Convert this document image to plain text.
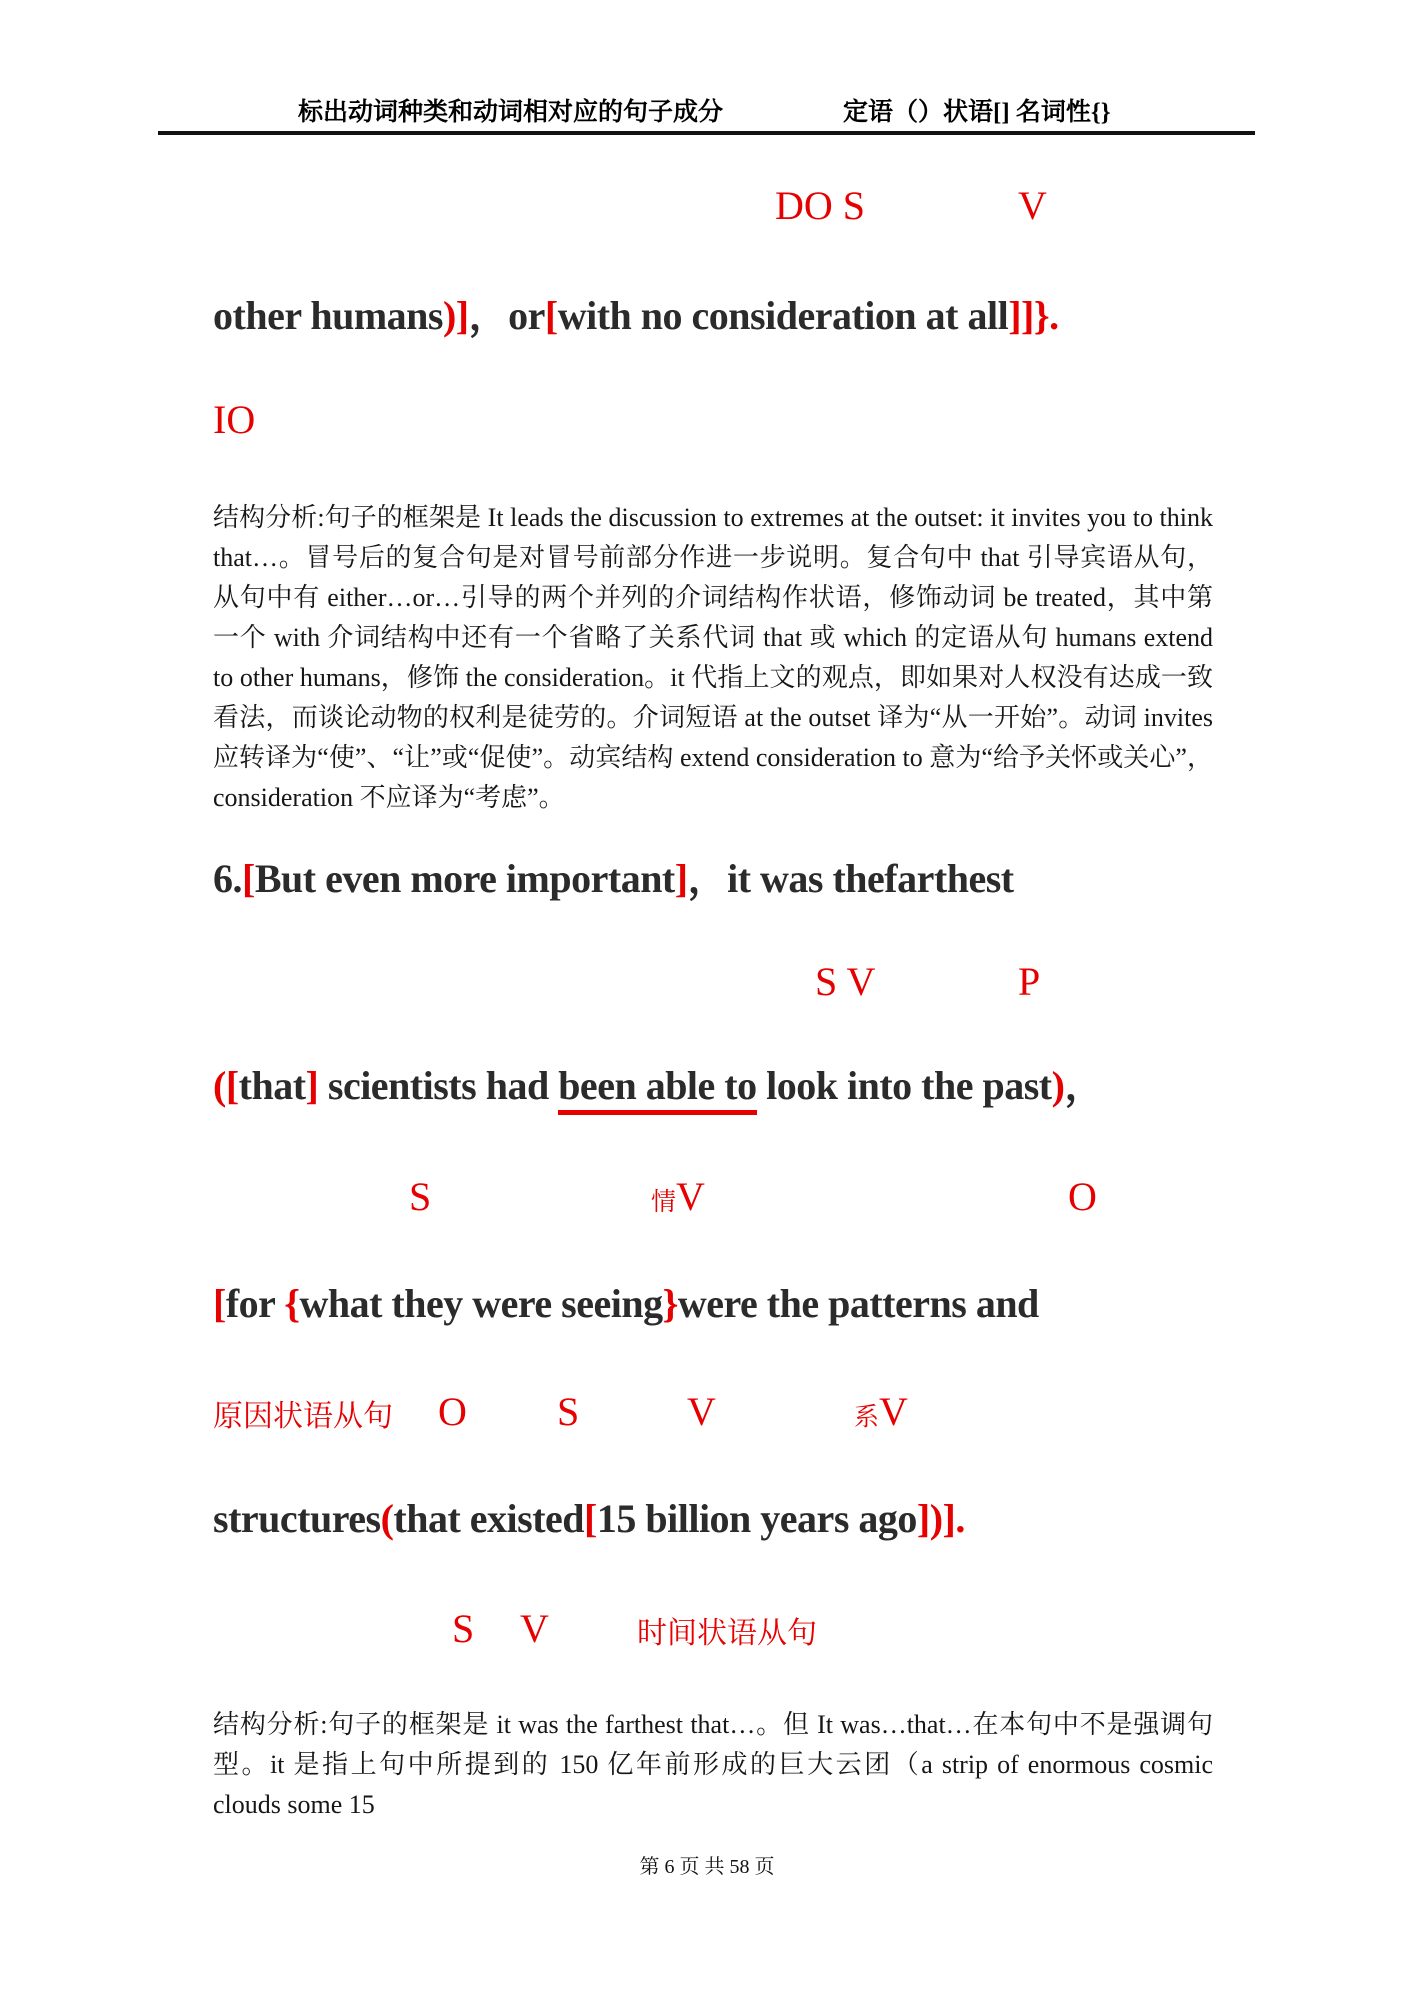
标出动词种类和动词相对应的句子成分	定语（）状语[] 名词性{}
DO S	V
other humans)]，or[with no consideration at all]]}.
IO
结构分析:句子的框架是 It leads the discussion to extremes at the outset: it invites you to think that…。冒号后的复合句是对冒号前部分作进一步说明。复合句中 that 引导宾语从句，从句中有 either…or…引导的两个并列的介词结构作状语，修饰动词 be treated，其中第一个 with 介词结构中还有一个省略了关系代词 that 或 which 的定语从句 humans extend to other humans，修饰 the consideration。it 代指上文的观点，即如果对人权没有达成一致看法，而谈论动物的权利是徒劳的。介词短语 at the outset 译为“从一开始”。动词 invites 应转译为“使”、“让”或“促使”。动宾结构 extend consideration to 意为“给予关怀或关心”，consideration 不应译为“考虑”。
6.[But even more important]，it was thefarthest
S V	P
([that] scientists had been able to look into the past)，
S	情V	O
[for {what they were seeing}were the patterns and
原因状语从句 O S	V	系V
structures(that existed[15 billion years ago])].
S V	时间状语从句
结构分析:句子的框架是 it was the farthest that…。但 It was…that…在本句中不是强调句型。it 是指上句中所提到的 150 亿年前形成的巨大云团（a strip of enormous cosmic clouds some 15
第 6 页 共 58 页
